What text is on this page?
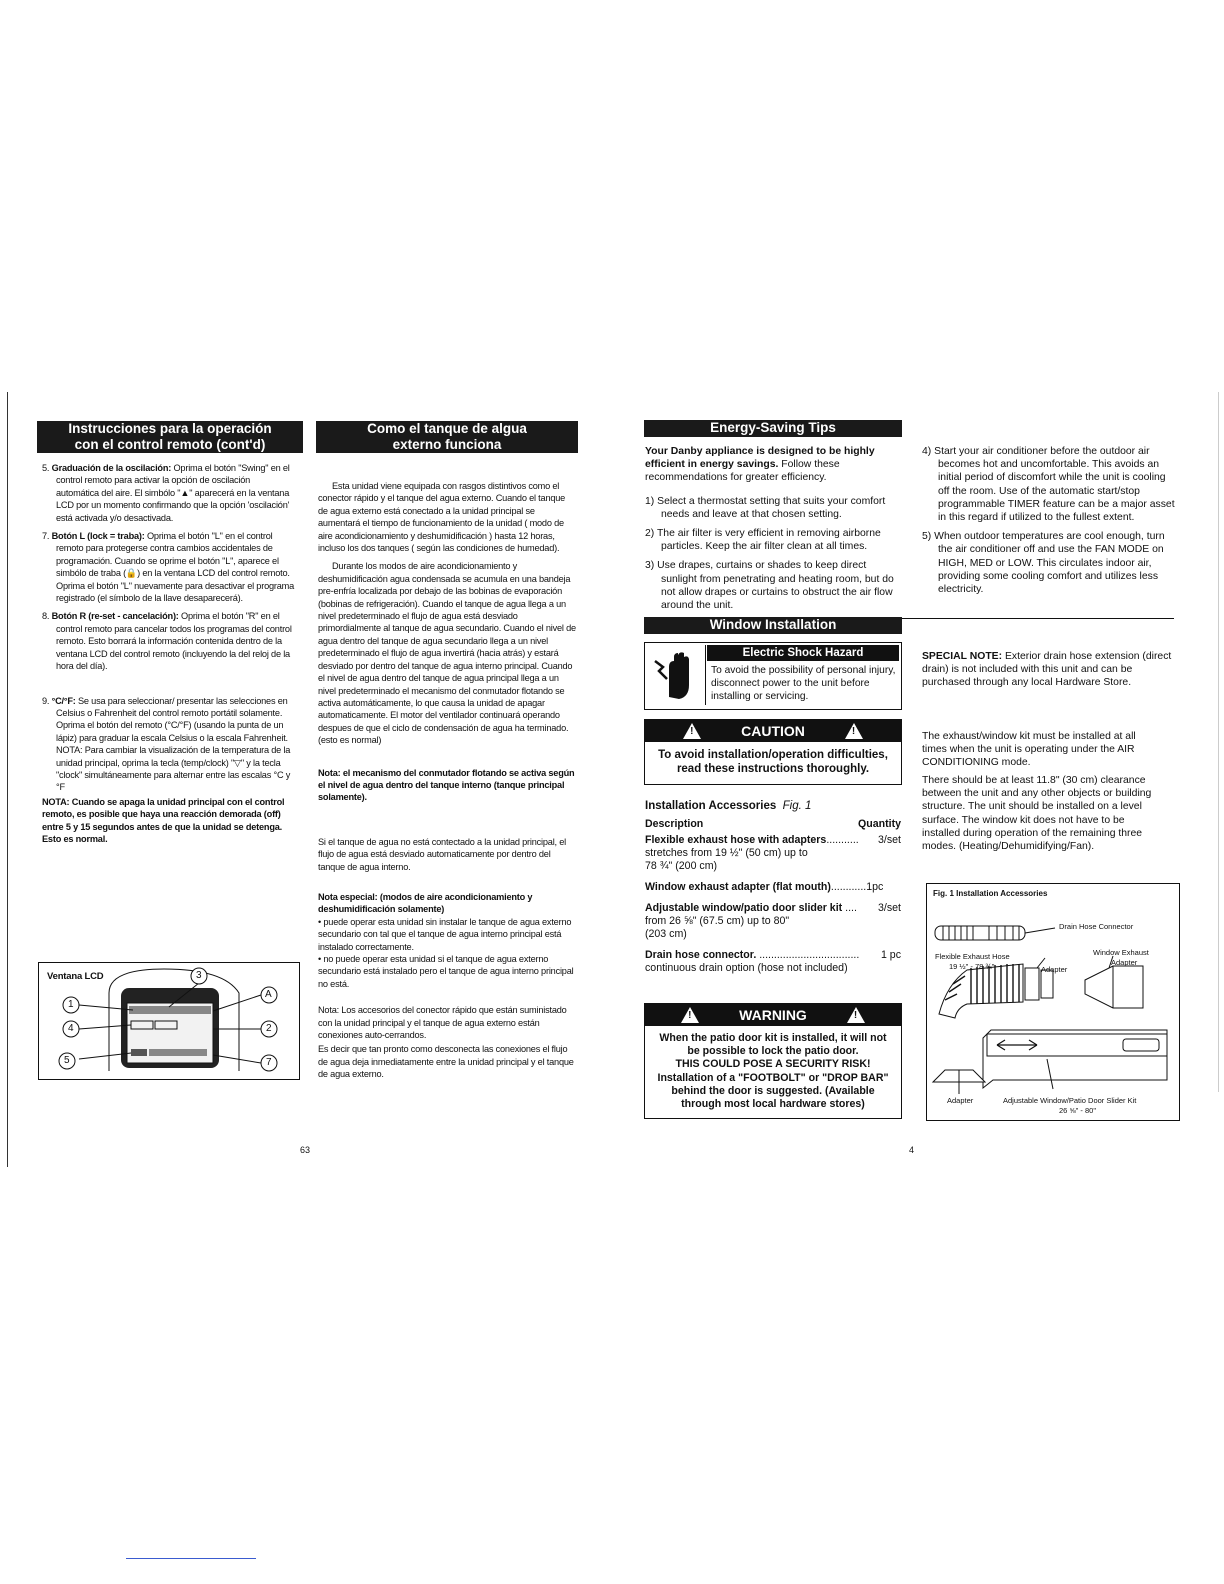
Instrucciones para la operación
con el control remoto (cont'd)
5. Graduación de la oscilación: Oprima el botón "Swing" en el control remoto para activar la opción de oscilación automática del aire. El simbólo "▲" aparecerá en la ventana LCD por un momento confirmando que la opción 'oscilación' está activada y/o desactivada.
7. Botón L (lock = traba): Oprima el botón "L" en el control remoto para protegerse contra cambios accidentales de programación. Cuando se oprime el botón "L", aparece el simbólo de traba (🔒) en la ventana LCD del control remoto. Oprima el botón "L" nuevamente para desactivar el programa registrado (el símbolo de la llave desaparecerá).
8. Botón R (re-set - cancelación): Oprima el botón "R" en el control remoto para cancelar todos los programas del control remoto. Esto borrará la información contenida dentro de la ventana LCD del control remoto (incluyendo la del reloj de la hora del día).
9. °C/°F: Se usa para seleccionar/ presentar las selecciones en Celsius o Fahrenheit del control remoto portátil solamente. Oprima el botón del remoto (°C/°F) (usando la punta de un lápiz) para graduar la escala Celsius o la escala Fahrenheit.
NOTA: Para cambiar la visualización de la temperatura de la unidad principal, oprima la tecla (temp/clock) "▽" y la tecla "clock" simultáneamente para alternar entre las escalas °C y °F
NOTA: Cuando se apaga la unidad principal con el control remoto, es posible que haya una reacción demorada (off) entre 5 y 15 segundos antes de que la unidad se detenga. Esto es normal.
Ventana LCD
1
4
5
3
A
2
7
Como el tanque de algua
externo funciona

Esta unidad viene equipada con rasgos distintivos como el conector rápido y el tanque del agua externo. Cuando el tanque de agua externo está conectado a la unidad principal se aumentará el tiempo de funcionamiento de la unidad ( modo de aire acondicionamiento y deshumidificación ) hasta 12 horas, incluso los dos tanques ( según las condiciones de humedad).

Durante los modos de aire acondicionamiento y deshumidificación agua condensada se acumula en una bandeja pre-enfría localizada por debajo de las bobinas de evaporación (bobinas de refrigeración). Cuando el tanque de agua llega a un nivel predeterminado el flujo de agua está desviado primordialmente al tanque de agua secundario. Cuando el nivel de agua dentro del tanque de agua secundario llega a un nivel predeterminado el flujo de agua invertirá (hacia atrás) y estará desviado por dentro del tanque de agua interno principal. Cuando el nivel de agua dentro del tanque de agua principal llega a un nivel predeterminado el mecanismo del conmutador flotando se activa automáticamente, lo que causa la unidad de apagar automaticamente. El motor del ventilador continuará operando despues de que el ciclo de condensación de agua ha terminado. (esto es normal)

Nota: el mecanismo del conmutador flotando se activa según el nivel de agua dentro del tanque interno (tanque principal solamente).

Si el tanque de agua no está contectado a la unidad principal, el flujo de agua está desviado automaticamente por dentro del tanque de agua interno.

Nota especial: (modos de aire acondicionamiento y deshumidificación solamente)

• puede operar esta unidad sin instalar le tanque de agua externo secundario con tal que el tanque de agua interno principal está instalado correctamente.

• no puede operar esta unidad si el tanque de agua externo secundario está instalado pero el tanque de agua interno principal no está.

Nota: Los accesorios del conector rápido que están suministado con la unidad principal y el tanque de agua externo están conexiones auto-cerrandos.

Es decir que tan pronto como desconecta las conexiones el flujo de agua deja inmediatamente entre la unidad principal y el tanque de agua externo.

63
Energy-Saving Tips

Your Danby appliance is designed to be highly efficient in energy savings. Follow these recommendations for greater efficiency.

1) Select a thermostat setting that suits your comfort needs and leave at that chosen setting.
2) The air filter is very efficient in removing airborne particles. Keep the air filter clean at all times.
3) Use drapes, curtains or shades to keep direct sunlight from penetrating and heating room, but do not allow drapes or curtains to obstruct the air flow around the unit.
4) Start your air conditioner before the outdoor air becomes hot and uncomfortable. This avoids an initial period of discomfort while the unit is cooling off the room. Use of the automatic start/stop programmable TIMER feature can be a major asset in this regard if utilized to the fullest extent.
5) When outdoor temperatures are cool enough, turn the air conditioner off and use the FAN MODE on HIGH, MED or LOW. This circulates indoor air, providing some cooling comfort and utilizes less electricity.
Window Installation
Electric Shock Hazard
To avoid the possibility of personal injury, disconnect power to the unit before installing or servicing.
!	CAUTION	!
To avoid installation/operation difficulties, read these instructions thoroughly.
Installation Accessories Fig. 1
Description	Quantity
Flexible exhaust hose with adapters........... 3/set
stretches from 19 ½" (50 cm) up to 78 ¾" (200 cm)
Window exhaust adapter (flat mouth)............1pc
Adjustable window/patio door slider kit .... 3/set
from 26 ⅝" (67.5 cm) up to 80" (203 cm)
Drain hose connector. .................................. 1 pc
continuous drain option (hose not included)
!	WARNING	!
When the patio door kit is installed, it will not
be possible to lock the patio door.
THIS COULD POSE A SECURITY RISK!
Installation of a "FOOTBOLT" or "DROP BAR"
behind the door is suggested. (Available
through most local hardware stores)
SPECIAL NOTE: Exterior drain hose extension (direct drain) is not included with this unit and can be purchased through any local Hardware Store.
The exhaust/window kit must be installed at all times when the unit is operating under the AIR CONDITIONING mode.
There should be at least 11.8" (30 cm) clearance between the unit and any other objects or building structure. The unit should be installed on a level surface. The window kit does not have to be installed during operation of the remaining three modes. (Heating/Dehumidifying/Fan).
Fig. 1 Installation Accessories
Drain Hose Connector
Flexible Exhaust Hose
19 ½" - 78 ¾"	Adapter
Window Exhaust
Adapter
Adapter	Adjustable Window/Patio Door Slider Kit
26 ⅝" - 80"
4
